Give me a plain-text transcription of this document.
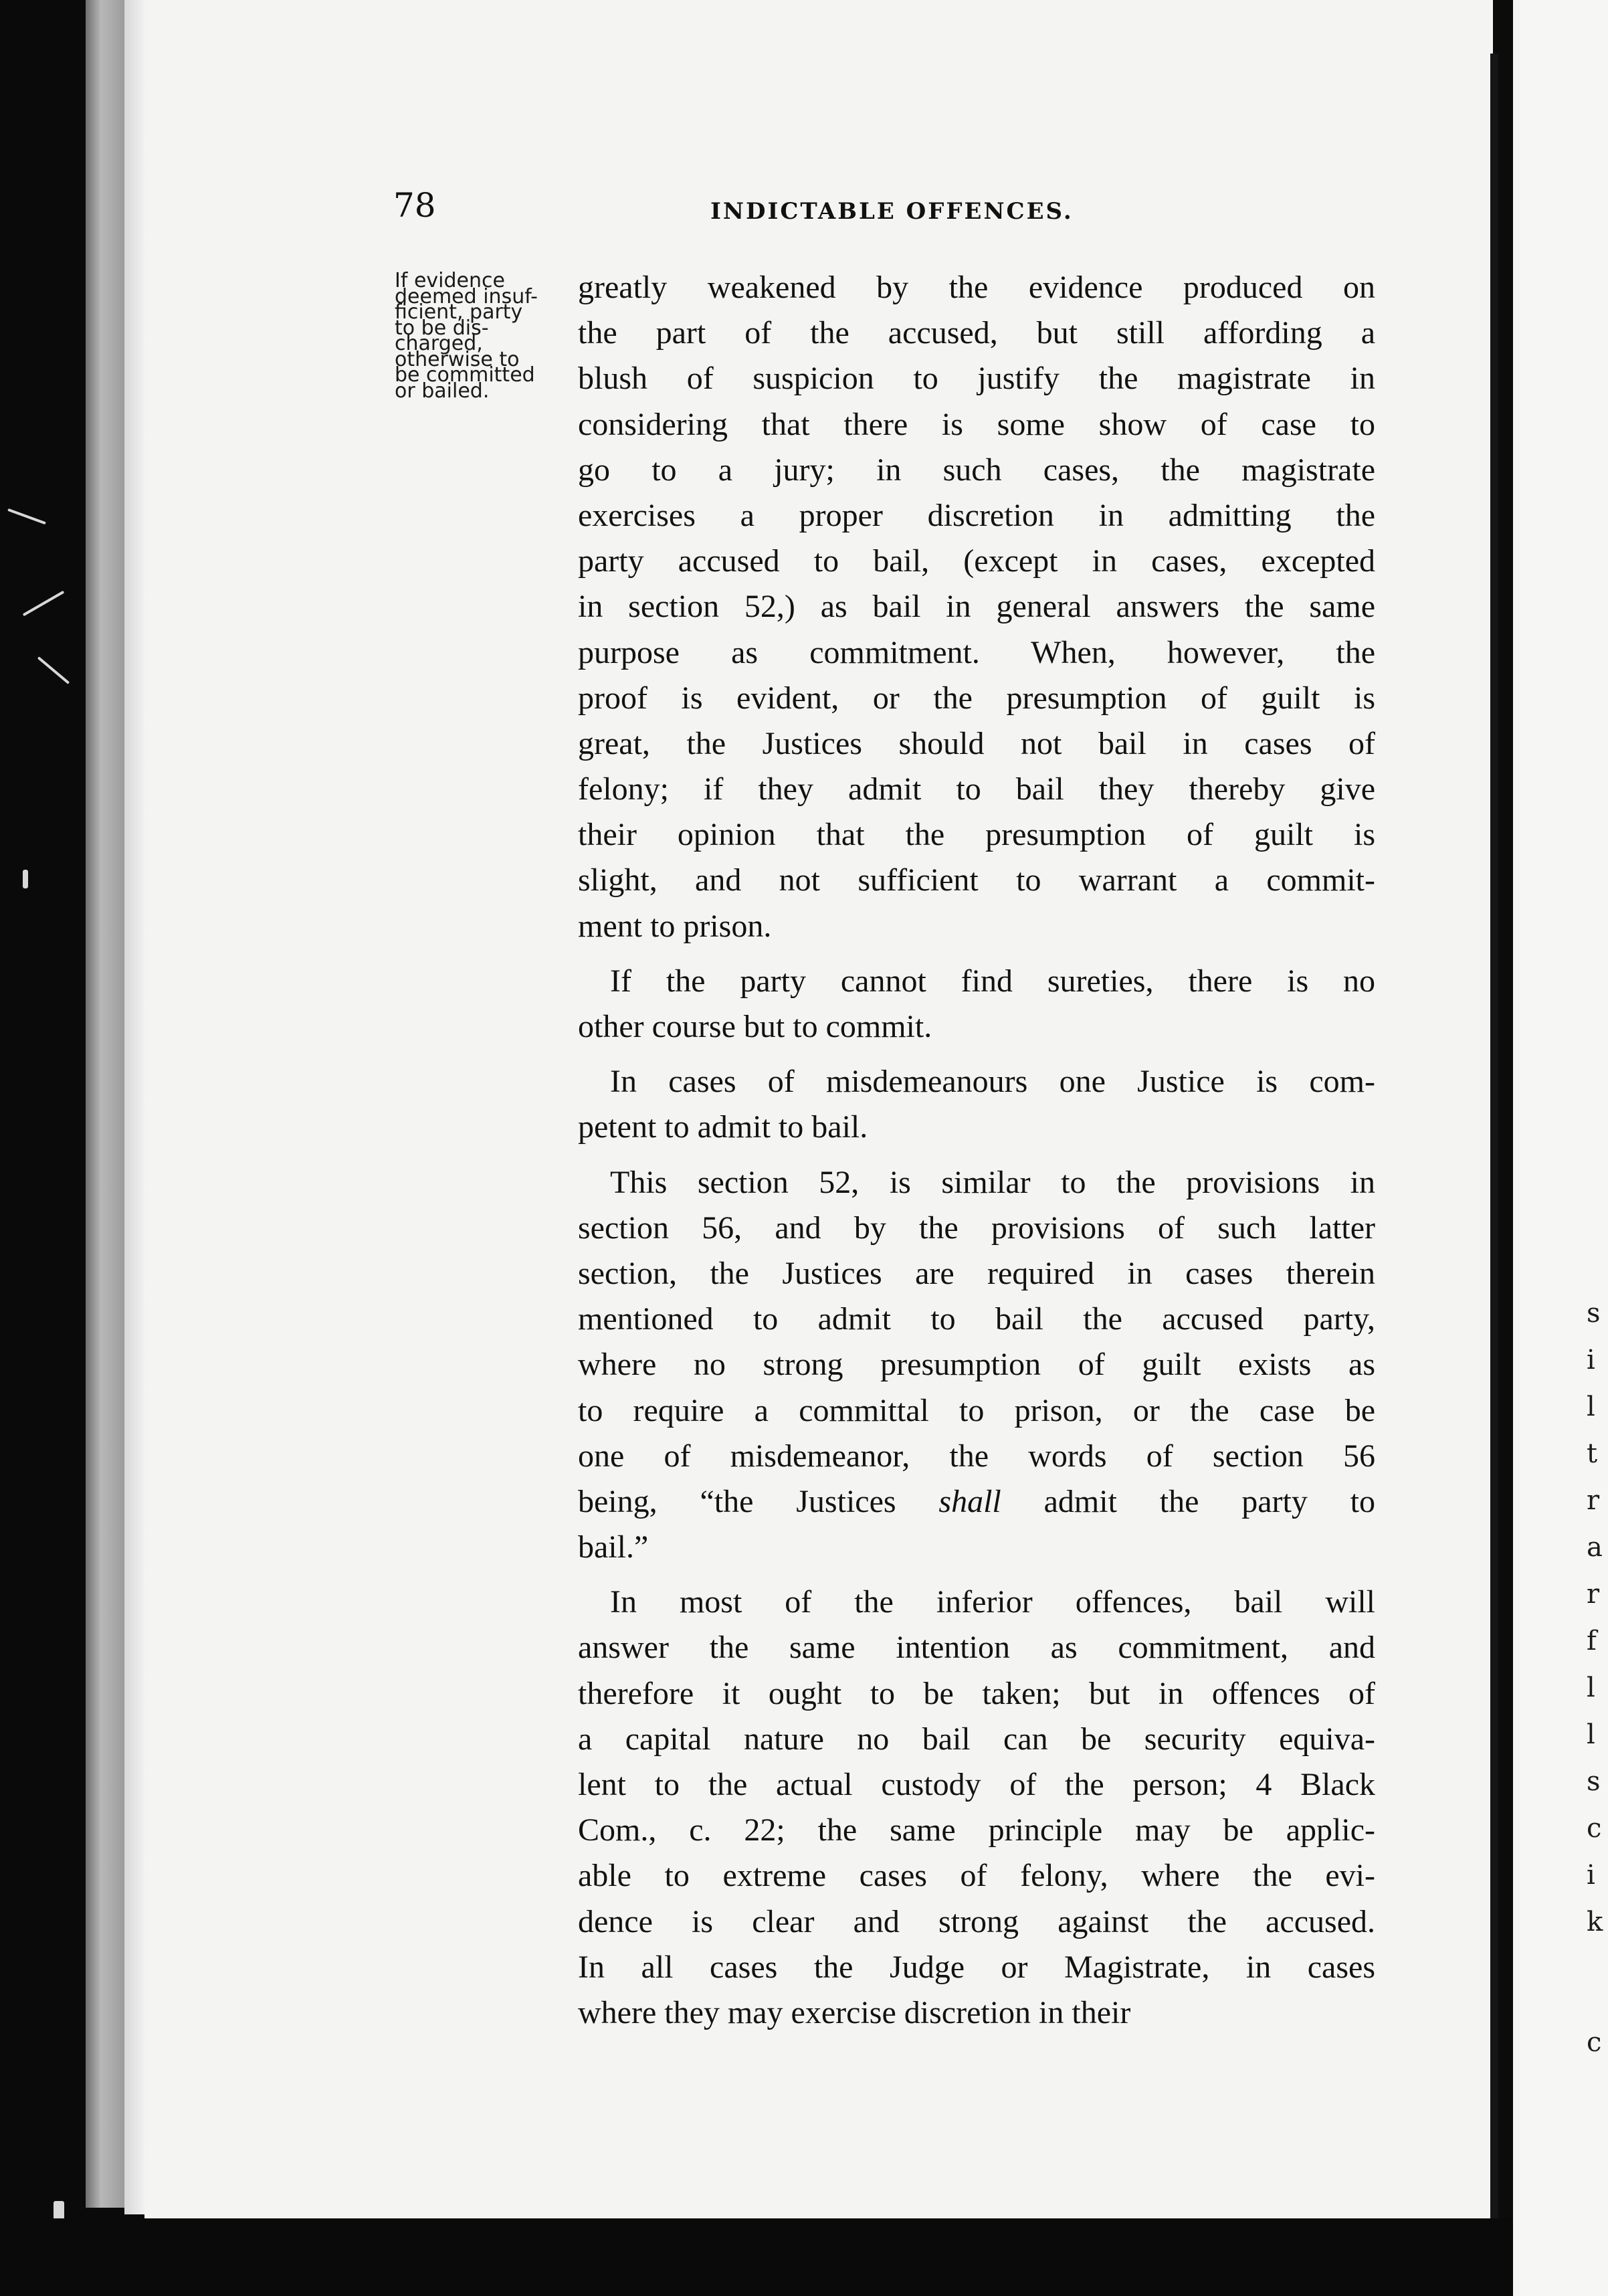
s
i
l
t
r
a
r
f
l
l
s
c
i
k
c
78	INDICTABLE OFFENCES.
If evidence
deemed insuf-
ficient, party
to be dis-
charged,
otherwise to
be committed
or bailed.
greatly weakened by the evidence produced on
the part of the accused, but still affording a
blush of suspicion to justify the magistrate in
considering that there is some show of case to
go to a jury; in such cases, the magistrate
exercises a proper discretion in admitting the
party accused to bail, (except in cases, excepted
in section 52,) as bail in general answers the same
purpose as commitment. When, however, the
proof is evident, or the presumption of guilt is
great, the Justices should not bail in cases of
felony; if they admit to bail they thereby give
their opinion that the presumption of guilt is
slight, and not sufficient to warrant a commit-
ment to prison.
 If the party cannot find sureties, there is no
other course but to commit.
 In cases of misdemeanours one Justice is com-
petent to admit to bail.
 This section 52, is similar to the provisions in
section 56, and by the provisions of such latter
section, the Justices are required in cases therein
mentioned to admit to bail the accused party,
where no strong presumption of guilt exists as
to require a committal to prison, or the case be
one of misdemeanor, the words of section 56
being, “the Justices shall admit the party to
bail.”
 In most of the inferior offences, bail will
answer the same intention as commitment, and
therefore it ought to be taken; but in offences of
a capital nature no bail can be security equiva-
lent to the actual custody of the person; 4 Black
Com., c. 22; the same principle may be applic-
able to extreme cases of felony, where the evi-
dence is clear and strong against the accused.
In all cases the Judge or Magistrate, in cases
where they may exercise discretion in their
